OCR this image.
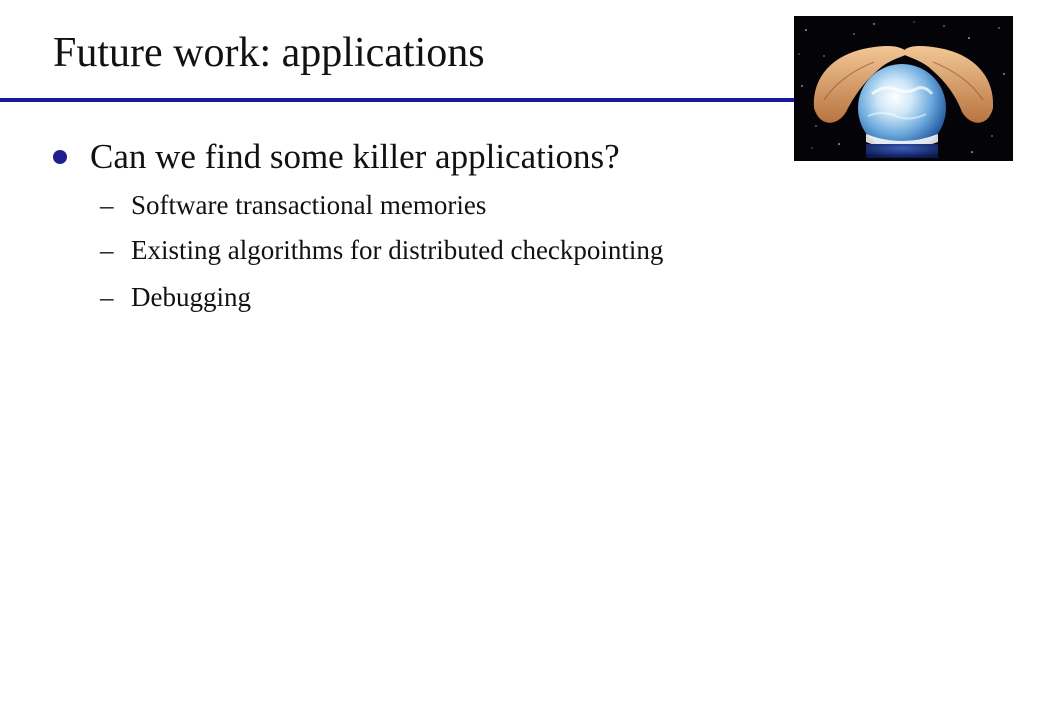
Future work: applications
Can we find some killer applications?
– Software transactional memories
– Existing algorithms for distributed checkpointing
– Debugging
